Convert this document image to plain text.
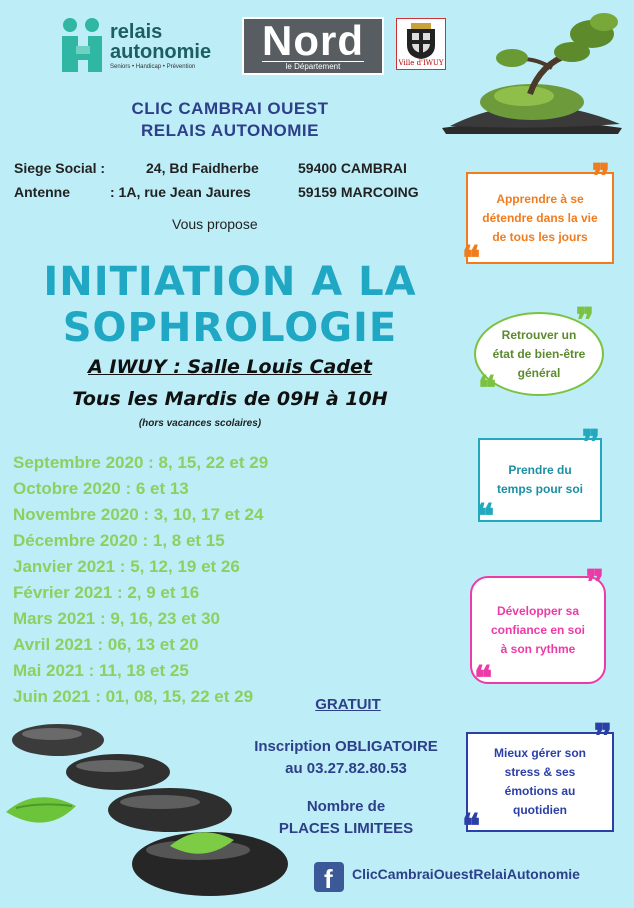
relais autonomie
Seniors • Handicap • Prévention
Nord
le Département	Ville d'IWUY
CLIC CAMBRAI OUEST
RELAIS AUTONOMIE
Siege Social :	24, Bd Faidherbe	59400 CAMBRAI
Antenne	: 1A, rue Jean Jaures	59159 MARCOING
Vous propose
INITIATION A LA
SOPHROLOGIE
A IWUY : Salle Louis Cadet
Tous les Mardis de 09H à 10H
(hors vacances scolaires)
Septembre 2020 : 8, 15, 22 et 29
Octobre 2020 : 6 et 13
Novembre 2020 : 3, 10, 17 et 24
Décembre 2020 : 1, 8 et 15
Janvier 2021 : 5, 12, 19 et 26
Février 2021 : 2, 9 et 16
Mars 2021 : 9, 16, 23 et 30
Avril 2021 : 06, 13 et 20
Mai 2021 : 11, 18 et 25
Juin 2021 : 01, 08, 15, 22 et 29	GRATUIT
Inscription OBLIGATOIRE
au 03.27.82.80.53
Nombre de
PLACES LIMITEES
f ClicCambraiOuestRelaiAutonomie
❞
Apprendre à se détendre dans la vie de tous les jours
❝
❞
Retrouver un état de bien-être général
❝
❞
Prendre du temps pour soi
❝
❞
Développer sa confiance en soi à son rythme
❝
❞
Mieux gérer son stress & ses émotions au quotidien
❝
